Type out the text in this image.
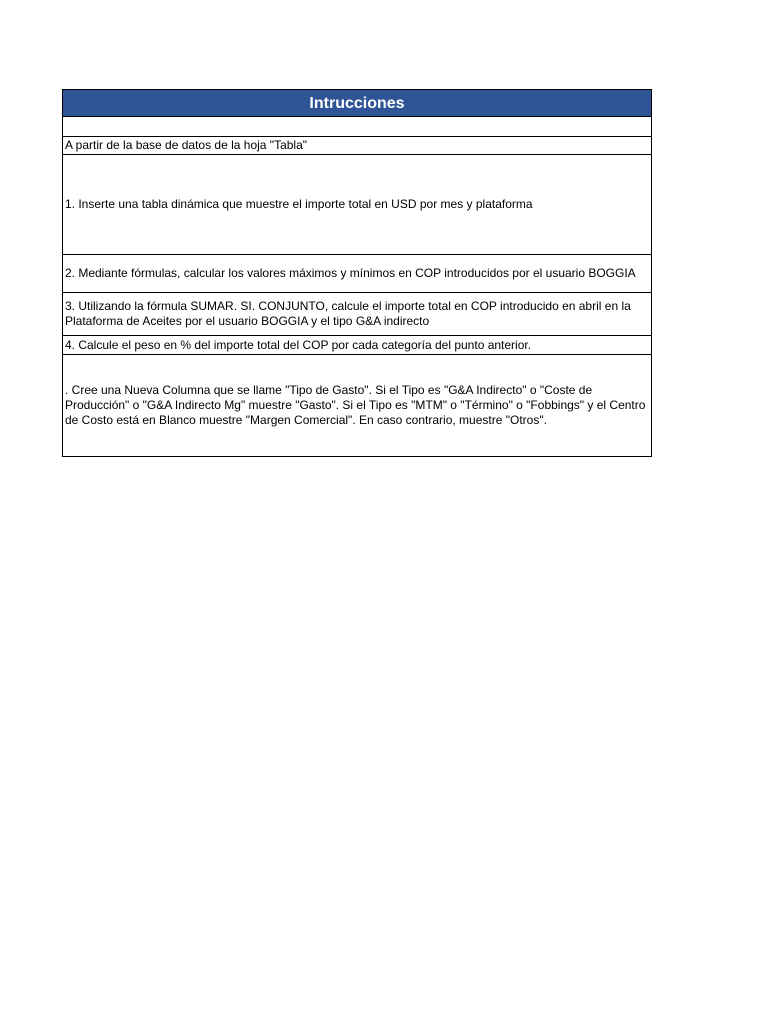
Intrucciones
A partir de la base de datos de la hoja "Tabla"
1. Inserte una tabla dinámica que muestre el importe total en USD por mes y plataforma
2. Mediante fórmulas, calcular los valores máximos y mínimos en COP introducidos por el usuario BOGGIA
3. Utilizando la fórmula SUMAR. SI. CONJUNTO, calcule el importe total en COP introducido en abril en la Plataforma de Aceites por el usuario BOGGIA y el tipo G&A indirecto
4. Calcule el peso en % del importe total del COP por cada categoría del punto anterior.
. Cree una Nueva Columna que se llame "Tipo de Gasto". Si el Tipo es "G&A Indirecto" o "Coste de Producción" o "G&A Indirecto Mg" muestre "Gasto". Si el Tipo es "MTM" o "Término" o "Fobbings" y el Centro de Costo está en Blanco muestre "Margen Comercial". En caso contrario, muestre "Otros".
